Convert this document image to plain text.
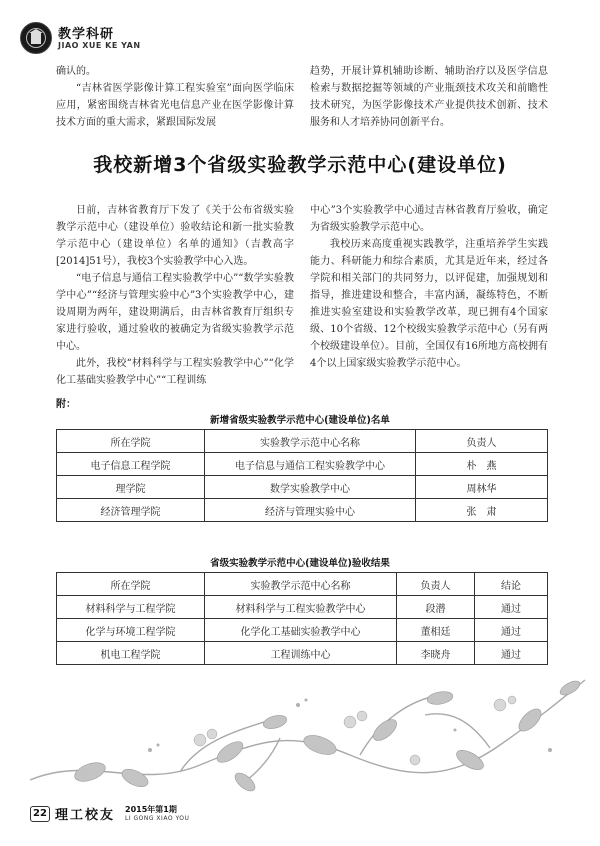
教学科研
JIAO XUE KE YAN

确认的。

“吉林省医学影像计算工程实验室”面向医学临床应用，紧密围绕吉林省光电信息产业在医学影像计算技术方面的重大需求，紧跟国际发展

趋势，开展计算机辅助诊断、辅助治疗以及医学信息检索与数据挖掘等领域的产业瓶颈技术攻关和前瞻性技术研究，为医学影像技术产业提供技术创新、技术服务和人才培养协同创新平台。

我校新增3个省级实验教学示范中心(建设单位)

日前，吉林省教育厅下发了《关于公布省级实验教学示范中心（建设单位）验收结论和新一批实验教学示范中心（建设单位）名单的通知》（吉教高字[2014]51号），我校3个实验教学中心入选。

“电子信息与通信工程实验教学中心”“数学实验教学中心”“经济与管理实验中心”3个实验教学中心，建设周期为两年，建设期满后，由吉林省教育厅组织专家进行验收，通过验收的被确定为省级实验教学示范中心。

此外，我校“材料科学与工程实验教学中心”“化学化工基础实验教学中心”“工程训练

中心”3个实验教学中心通过吉林省教育厅验收，确定为省级实验教学示范中心。

我校历来高度重视实践教学，注重培养学生实践能力、科研能力和综合素质，尤其是近年来，经过各学院和相关部门的共同努力，以评促建，加强规划和指导，推进建设和整合，丰富内涵，凝练特色，不断推进实验室建设和实验教学改革，现已拥有4个国家级、10个省级、12个校级实验教学示范中心（另有两个校级建设单位）。目前，全国仅有16所地方高校拥有4个以上国家级实验教学示范中心。

附：
新增省级实验教学示范中心(建设单位)名单
所在学院	实验教学示范中心名称	负责人
电子信息工程学院	电子信息与通信工程实验教学中心	朴　燕
理学院	数学实验教学中心	周林华
经济管理学院	经济与管理实验中心	张　肃
省级实验教学示范中心(建设单位)验收结果
所在学院	实验教学示范中心名称	负责人	结论
材料科学与工程学院	材料科学与工程实验教学中心	段潜	通过
化学与环境工程学院	化学化工基础实验教学中心	董相廷	通过
机电工程学院	工程训练中心	李晓舟	通过
22 理工校友 2015年第1期
LI GONG XIAO YOU
